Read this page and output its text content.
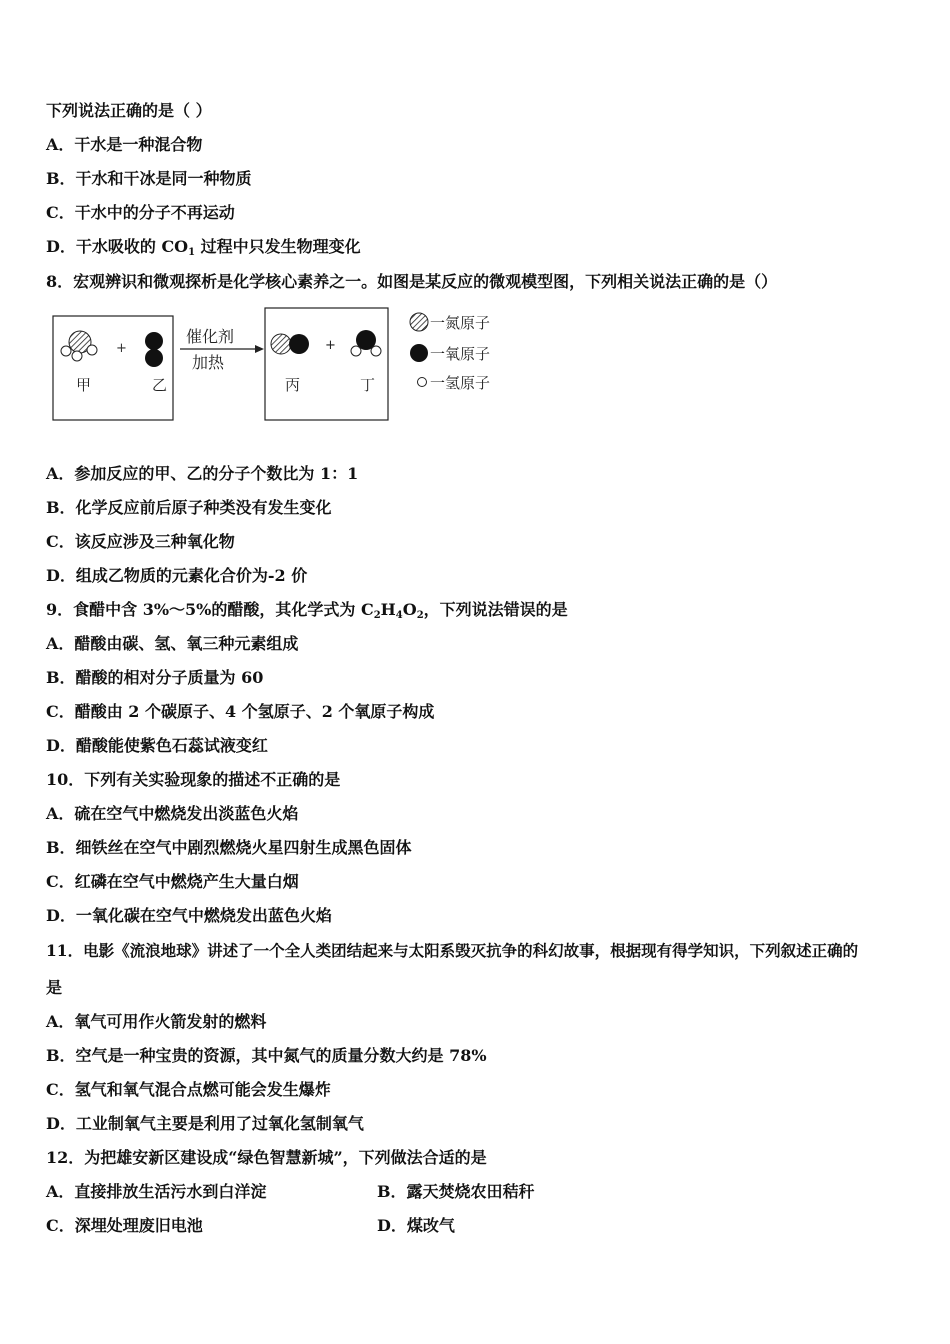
下列说法正确的是（ ）
A．干水是一种混合物
B．干水和干冰是同一种物质
C．干水中的分子不再运动
D．干水吸收的 $CO_1$ 过程中只发生物理变化
8．宏观辨识和微观探析是化学核心素养之一。如图是某反应的微观模型图，下列相关说法正确的是（）
+
甲	乙
催化剂
加热
+
丙	丁
一氮原子
一氧原子
一氢原子
A．参加反应的甲、乙的分子个数比为 1：1
B．化学反应前后原子种类没有发生变化
C．该反应涉及三种氧化物
D．组成乙物质的元素化合价为-2 价
9．食醋中含 3%～5%的醋酸，其化学式为 $C_2H_4O_2$，下列说法错误的是
A．醋酸由碳、氢、氧三种元素组成
B．醋酸的相对分子质量为 60
C．醋酸由 2 个碳原子、4 个氢原子、2 个氧原子构成
D．醋酸能使紫色石蕊试液变红
10．下列有关实验现象的描述不正确的是
A．硫在空气中燃烧发出淡蓝色火焰
B．细铁丝在空气中剧烈燃烧火星四射生成黑色固体
C．红磷在空气中燃烧产生大量白烟
D．一氧化碳在空气中燃烧发出蓝色火焰
11．电影《流浪地球》讲述了一个全人类团结起来与太阳系毁灭抗争的科幻故事，根据现有得学知识，下列叙述正确的
是
A．氧气可用作火箭发射的燃料
B．空气是一种宝贵的资源，其中氮气的质量分数大约是 78%
C．氢气和氧气混合点燃可能会发生爆炸
D．工业制氧气主要是利用了过氧化氢制氧气
12．为把雄安新区建设成“绿色智慧新城”，下列做法合适的是
A．直接排放生活污水到白洋淀	B．露天焚烧农田秸秆
C．深埋处理废旧电池	D．煤改气
